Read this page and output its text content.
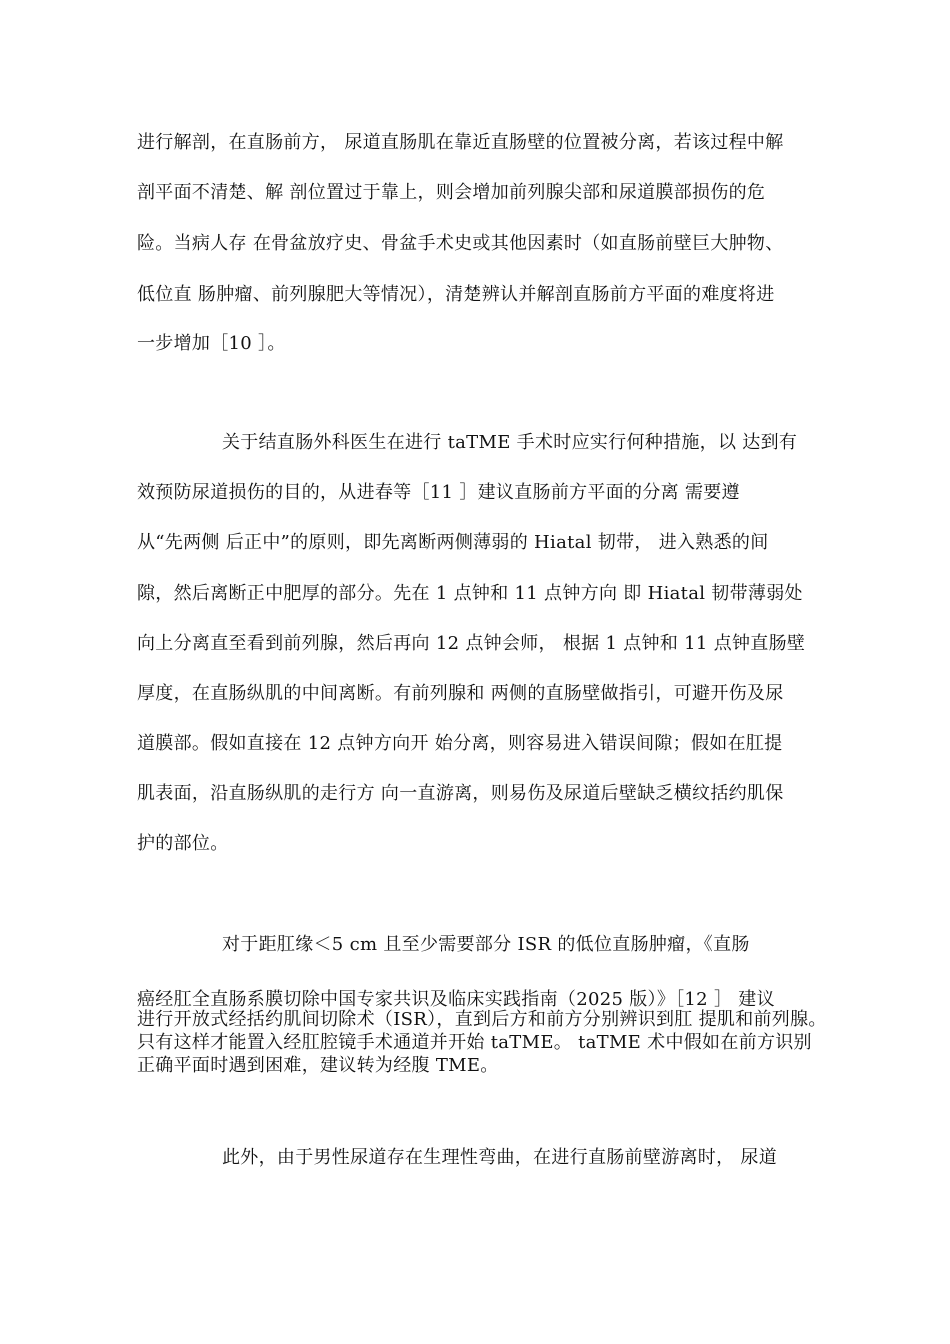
进行解剖，在直肠前方， 尿道直肠肌在靠近直肠壁的位置被分离，若该过程中解
剖平面不清楚、解 剖位置过于靠上，则会增加前列腺尖部和尿道膜部损伤的危
险。当病人存 在骨盆放疗史、骨盆手术史或其他因素时（如直肠前壁巨大肿物、
低位直 肠肿瘤、前列腺肥大等情况），清楚辨认并解剖直肠前方平面的难度将进
一步增加［10 ］。
关于结直肠外科医生在进行 taTME 手术时应实行何种措施，以 达到有
效预防尿道损伤的目的，从进春等［11 ］建议直肠前方平面的分离 需要遵
从“先两侧 后正中”的原则，即先离断两侧薄弱的 Hiatal 韧带， 进入熟悉的间
隙，然后离断正中肥厚的部分。先在 1 点钟和 11 点钟方向 即 Hiatal 韧带薄弱处
向上分离直至看到前列腺，然后再向 12 点钟会师， 根据 1 点钟和 11 点钟直肠壁
厚度，在直肠纵肌的中间离断。有前列腺和 两侧的直肠壁做指引，可避开伤及尿
道膜部。假如直接在 12 点钟方向开 始分离，则容易进入错误间隙；假如在肛提
肌表面，沿直肠纵肌的走行方 向一直游离，则易伤及尿道后壁缺乏横纹括约肌保
护的部位。
对于距肛缘＜5 cm 且至少需要部分 ISR 的低位直肠肿瘤，《直肠
癌经肛全直肠系膜切除中国专家共识及临床实践指南（2025 版）》［12 ］ 建议
进行开放式经括约肌间切除术（ISR），直到后方和前方分别辨识到肛 提肌和前列腺。只有这样才能置入经肛腔镜手术通道并开始 taTME。 taTME 术中假如在前方识别正确平面时遇到困难，建议转为经腹 TME。
此外，由于男性尿道存在生理性弯曲，在进行直肠前壁游离时， 尿道
